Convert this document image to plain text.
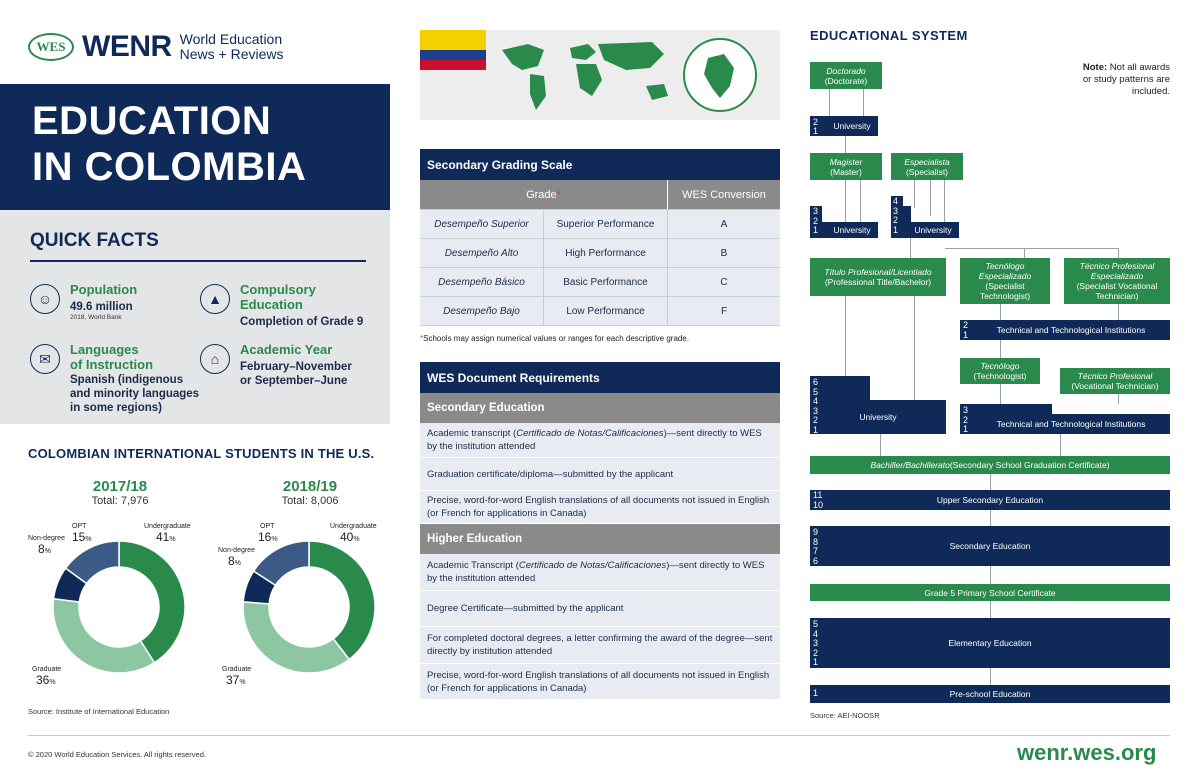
WES WENR World Education
News + Reviews
EDUCATION
IN COLOMBIA
QUICK FACTS
☺
Population
49.6 million
2018, World Bank
▲
Compulsory
Education
Completion of Grade 9
✉
Languages
of Instruction
Spanish (indigenous
and minority languages
in some regions)
⌂
Academic Year
February–November
or September–June
COLOMBIAN INTERNATIONAL STUDENTS IN THE U.S.
2017/18
Total: 7,976
2018/19
Total: 8,006
OPT
15%
Undergraduate
41%
Non-degree
8%
Graduate
36%
OPT
16%
Undergraduate
40%
Non-degree
8%
Graduate
37%
Source: Institute of International Education
Secondary Grading Scale
Grade *	WES Conversion
Desempeño Superior	Superior Performance	A
Desempeño Alto	High Performance	B
Desempeño Básico	Basic Performance	C
Desempeño Bajo	Low Performance	F
*Schools may assign numerical values or ranges for each descriptive grade.
WES Document Requirements
Secondary Education
Academic transcript (Certificado de Notas/Calificaciones)—sent directly to WES by the institution attended
Graduation certificate/diploma—submitted by the applicant
Precise, word-for-word English translations of all documents not issued in English (or French for applications in Canada)
Higher Education
Academic Transcript (Certificado de Notas/Calificaciones)—sent directly to WES by the institution attended
Degree Certificate—submitted by the applicant
For completed doctoral degrees, a letter confirming the award of the degree—sent directly by institution attended
Precise, word-for-word English translations of all documents not issued in English (or French for applications in Canada)
EDUCATIONAL SYSTEM
Note: Not all awards or study patterns are included.
Doctorado
(Doctorate)
University
3
2
1
Magister
(Master)
Especialista
(Specialist)
University
3
2
1	University
4
3
2
1
Título Profesional/Licentiado
(Professional Title/Bachelor)
Tecnólogo
Especializado
(Specialist
Technologist)
Técnico Profesional
Especializado
(Specialist Vocational
Technician)
Technical and Technological Institutions
2
1
Tecnólogo
(Technologist)	Técnico Profesional
(Vocational Technician)
University
6
5
4
3
2
1
Technical and Technological Institutions
3
2
1
Bachiller/Bachillerato (Secondary School Graduation Certificate)
Upper Secondary Education
11
10
Secondary Education
9
8
7
6
Grade 5 Primary School Certificate
Elementary Education
5
4
3
2
1
Pre-school Education
1
Source: AEI-NOOSR
© 2020 World Education Services. All rights reserved.	wenr.wes.org
